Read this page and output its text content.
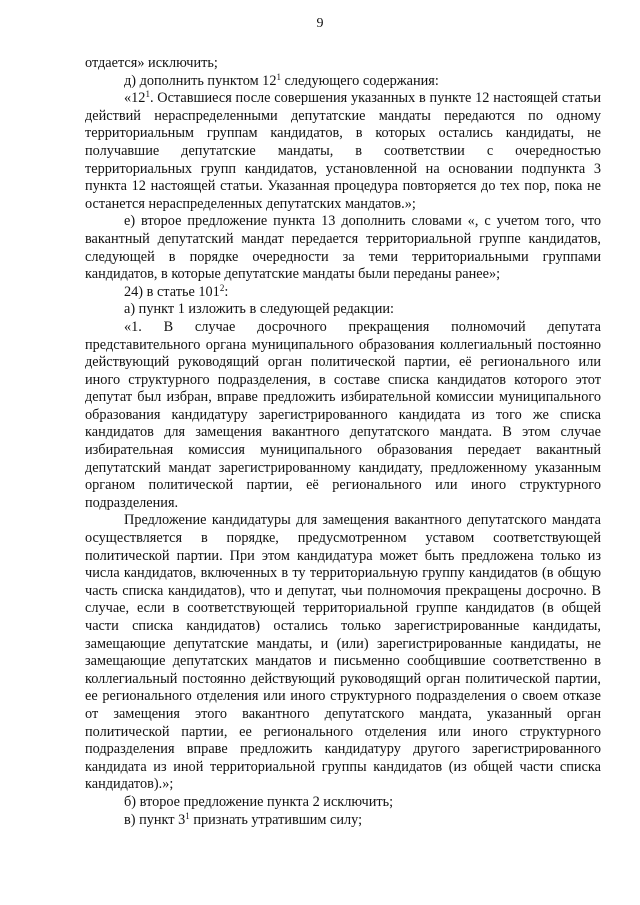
9

отдается» исключить;

д) дополнить пунктом $12^1$ следующего содержания:

«$12^1$. Оставшиеся после совершения указанных в пункте 12 настоящей статьи действий нераспределенными депутатские мандаты передаются по одному территориальным группам кандидатов, в которых остались кандидаты, не получавшие депутатские мандаты, в соответствии с очередностью территориальных групп кандидатов, установленной на основании подпункта 3 пункта 12 настоящей статьи. Указанная процедура повторяется до тех пор, пока не останется нераспределенных депутатских мандатов.»;

е) второе предложение пункта 13 дополнить словами «, с учетом того, что вакантный депутатский мандат передается территориальной группе кандидатов, следующей в порядке очередности за теми территориальными группами кандидатов, в которые депутатские мандаты были переданы ранее»;

24) в статье $101^2$:

а) пункт 1 изложить в следующей редакции:

«1. В случае досрочного прекращения полномочий депутата представительного органа муниципального образования коллегиальный постоянно действующий руководящий орган политической партии, её регионального или иного структурного подразделения, в составе списка кандидатов которого этот депутат был избран, вправе предложить избирательной комиссии муниципального образования кандидатуру зарегистрированного кандидата из того же списка кандидатов для замещения вакантного депутатского мандата. В этом случае избирательная комиссия муниципального образования передает вакантный депутатский мандат зарегистрированному кандидату, предложенному указанным органом политической партии, её регионального или иного структурного подразделения.

Предложение кандидатуры для замещения вакантного депутатского мандата осуществляется в порядке, предусмотренном уставом соответствующей политической партии. При этом кандидатура может быть предложена только из числа кандидатов, включенных в ту территориальную группу кандидатов (в общую часть списка кандидатов), что и депутат, чьи полномочия прекращены досрочно. В случае, если в соответствующей территориальной группе кандидатов (в общей части списка кандидатов) остались только зарегистрированные кандидаты, замещающие депутатские мандаты, и (или) зарегистрированные кандидаты, не замещающие депутатских мандатов и письменно сообщившие соответственно в коллегиальный постоянно действующий руководящий орган политической партии, ее регионального отделения или иного структурного подразделения о своем отказе от замещения этого вакантного депутатского мандата, указанный орган политической партии, ее регионального отделения или иного структурного подразделения вправе предложить кандидатуру другого зарегистрированного кандидата из иной территориальной группы кандидатов (из общей части списка кандидатов).»;

б) второе предложение пункта 2 исключить;

в) пункт $3^1$ признать утратившим силу;
